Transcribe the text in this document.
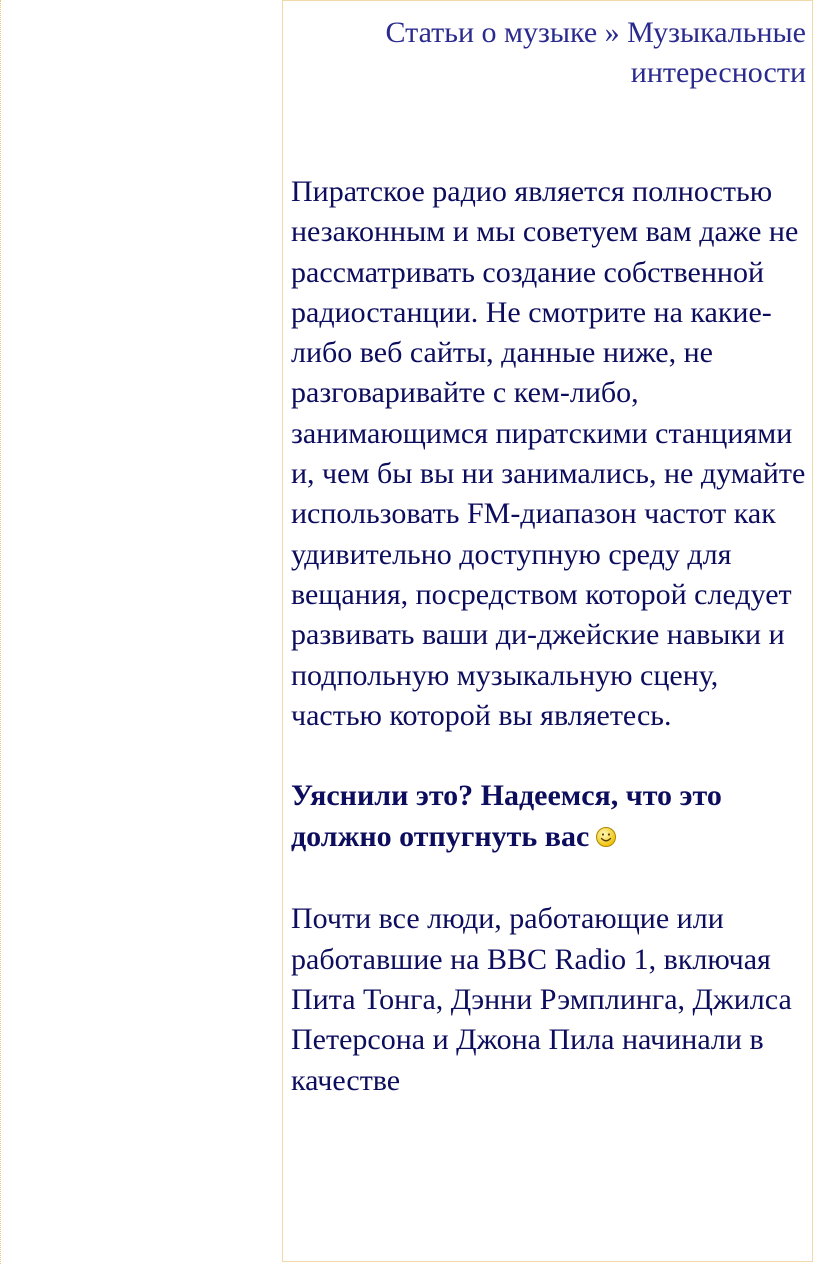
Статьи о музыке » Музыкальные интересности

Пиратское радио является полностью незаконным и мы советуем вам даже не рассматривать создание собственной радиостанции. Не смотрите на какие-либо веб сайты, данные ниже, не разговаривайте с кем-либо, занимающимся пиратскими станциями и, чем бы вы ни занимались, не думайте использовать FM-диапазон частот как удивительно доступную среду для вещания, посредством которой следует развивать ваши ди-джейские навыки и подпольную музыкальную сцену, частью которой вы являетесь.

Уяснили это? Надеемся, что это должно отпугнуть вас

Почти все люди, работающие или работавшие на BBC Radio 1, включая Пита Тонга, Дэнни Рэмплинга, Джилса Петерсона и Джона Пила начинали в качестве
